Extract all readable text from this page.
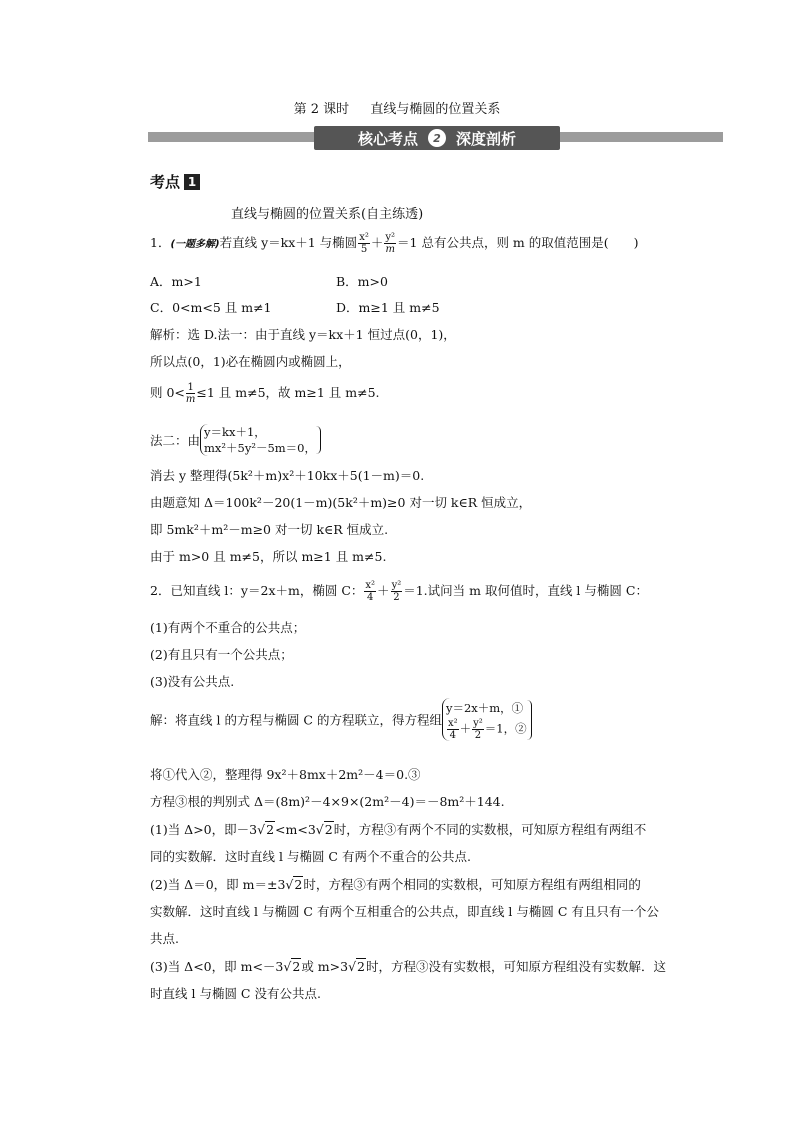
第 2 课时 　 直线与椭圆的位置关系
核心考点	2	深度剖析
考点 1
直线与椭圆的位置关系(自主练透)
1．(一题多解)若直线 y＝kx＋1 与椭圆 $\frac{\text{x²}}{5} + \frac{\text{y²}}{m} =1$ 总有公共点，则 m 的取值范围是(　　)
A．m>1	B．m>0
C．0<m<5 且 m≠1	D．m≥1 且 m≠5
解析：选 D.法一：由于直线 y＝kx＋1 恒过点(0，1)，
所以点(0，1)必在椭圆内或椭圆上，
则 $0< \frac{1}{m} \le 1$ 且 m≠5，故 m≥1 且 m≠5.
法二：由
y＝kx＋1，
mx²＋5y²－5m＝0，
消去 y 整理得(5k²＋m)x²＋10kx＋5(1－m)＝0.
由题意知 Δ＝100k²－20(1－m)(5k²＋m)≥0 对一切 k∈R 恒成立，
即 5mk²＋m²－m≥0 对一切 k∈R 恒成立.
由于 m>0 且 m≠5，所以 m≥1 且 m≠5.
2．已知直线 l：y＝2x＋m，椭圆 C： $\frac{\text{x²}}{4} + \frac{\text{y²}}{2} =1$.试问当 m 取何值时，直线 l 与椭圆 C：
(1)有两个不重合的公共点；
(2)有且只有一个公共点；
(3)没有公共点.
解：将直线 l 的方程与椭圆 C 的方程联立，得方程组
y＝2x＋m，①
$\frac{\text{x²}}{4} + \frac{\text{y²}}{2} =1$，②
将①代入②，整理得 9x²＋8mx＋2m²－4＝0.③
方程③根的判别式 Δ＝(8m)²－4×9×(2m²－4)＝－8m²＋144.
(1)当 Δ>0，即－3√2<m<3√2时，方程③有两个不同的实数根，可知原方程组有两组不
同的实数解．这时直线 l 与椭圆 C 有两个不重合的公共点.
(2)当 Δ＝0，即 m＝±3√2时，方程③有两个相同的实数根，可知原方程组有两组相同的
实数解．这时直线 l 与椭圆 C 有两个互相重合的公共点，即直线 l 与椭圆 C 有且只有一个公
共点.
(3)当 Δ<0，即 m<－3√2或 m>3√2时，方程③没有实数根，可知原方程组没有实数解．这
时直线 l 与椭圆 C 没有公共点.
